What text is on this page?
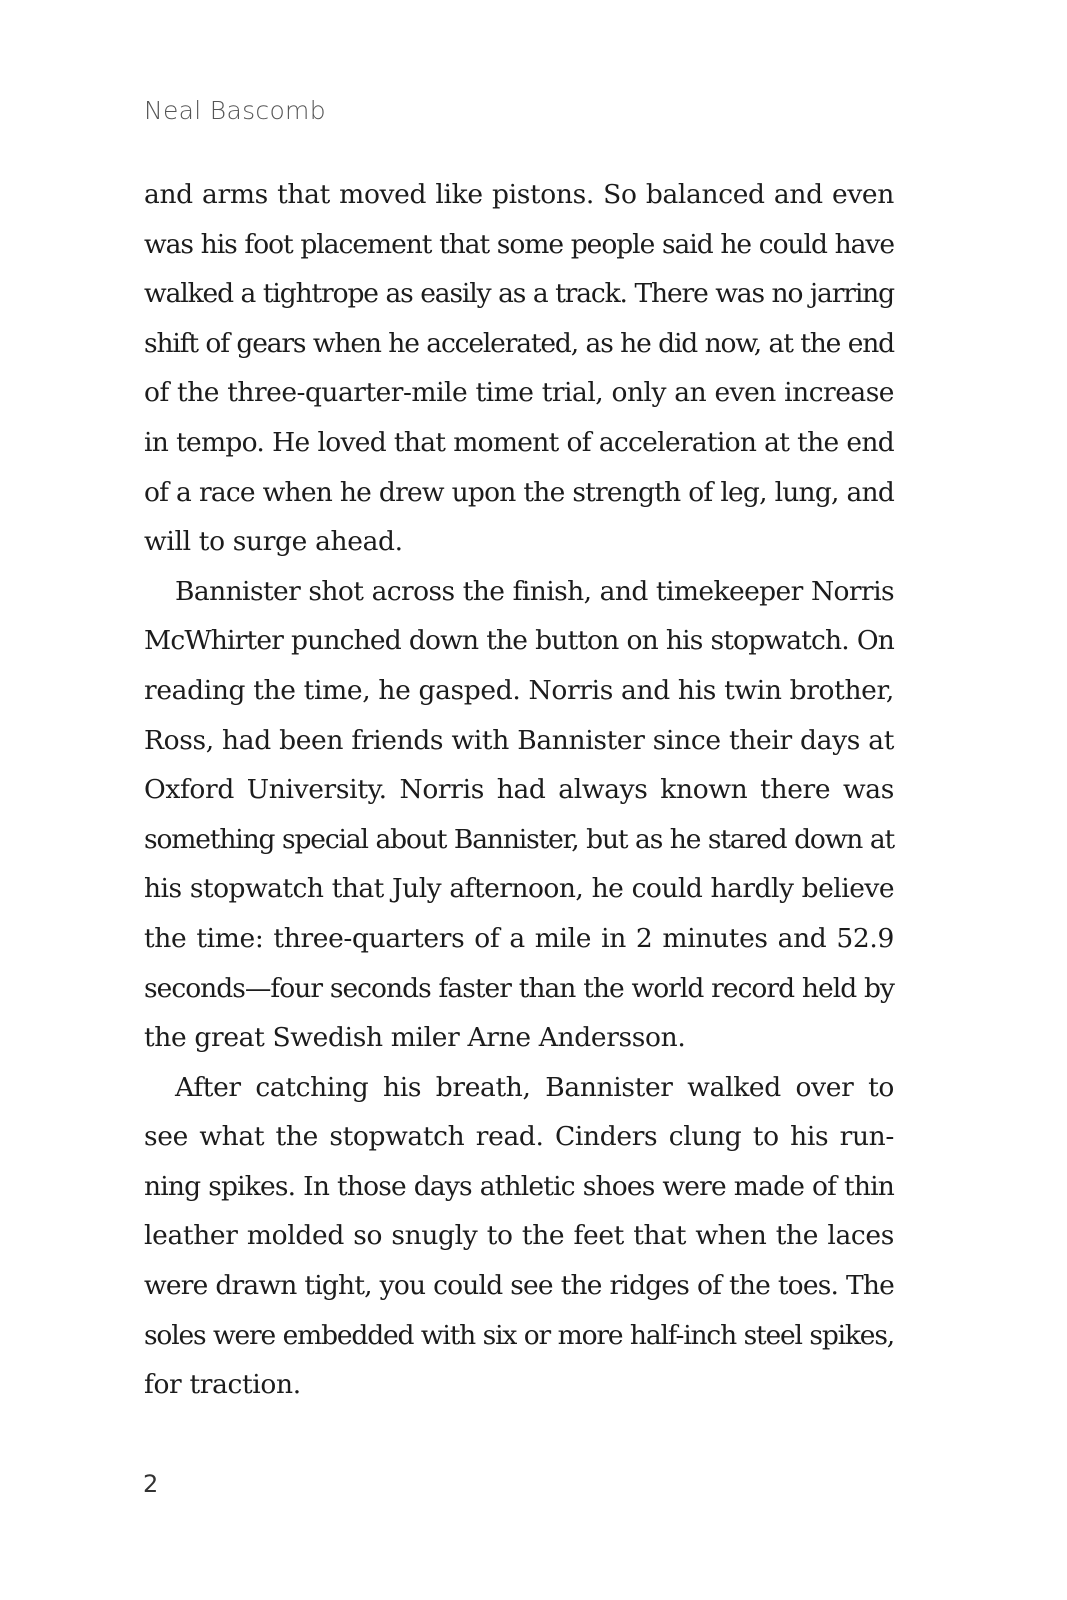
Neal Bascomb
and arms that moved like pistons. So balanced and even
was his foot placement that some people said he could have
walked a tightrope as easily as a track. There was no jarring
shift of gears when he accelerated, as he did now, at the end
of the three-quarter-mile time trial, only an even increase
in tempo. He loved that moment of acceleration at the end
of a race when he drew upon the strength of leg, lung, and
will to surge ahead.
Bannister shot across the finish, and timekeeper Norris
McWhirter punched down the button on his stopwatch. On
reading the time, he gasped. Norris and his twin brother,
Ross, had been friends with Bannister since their days at
Oxford University. Norris had always known there was
something special about Bannister, but as he stared down at
his stopwatch that July afternoon, he could hardly believe
the time: three-quarters of a mile in 2 minutes and 52.9
seconds—four seconds faster than the world record held by
the great Swedish miler Arne Andersson.
After catching his breath, Bannister walked over to
see what the stopwatch read. Cinders clung to his run-
ning spikes. In those days athletic shoes were made of thin
leather molded so snugly to the feet that when the laces
were drawn tight, you could see the ridges of the toes. The
soles were embedded with six or more half-inch steel spikes,
for traction.
2
